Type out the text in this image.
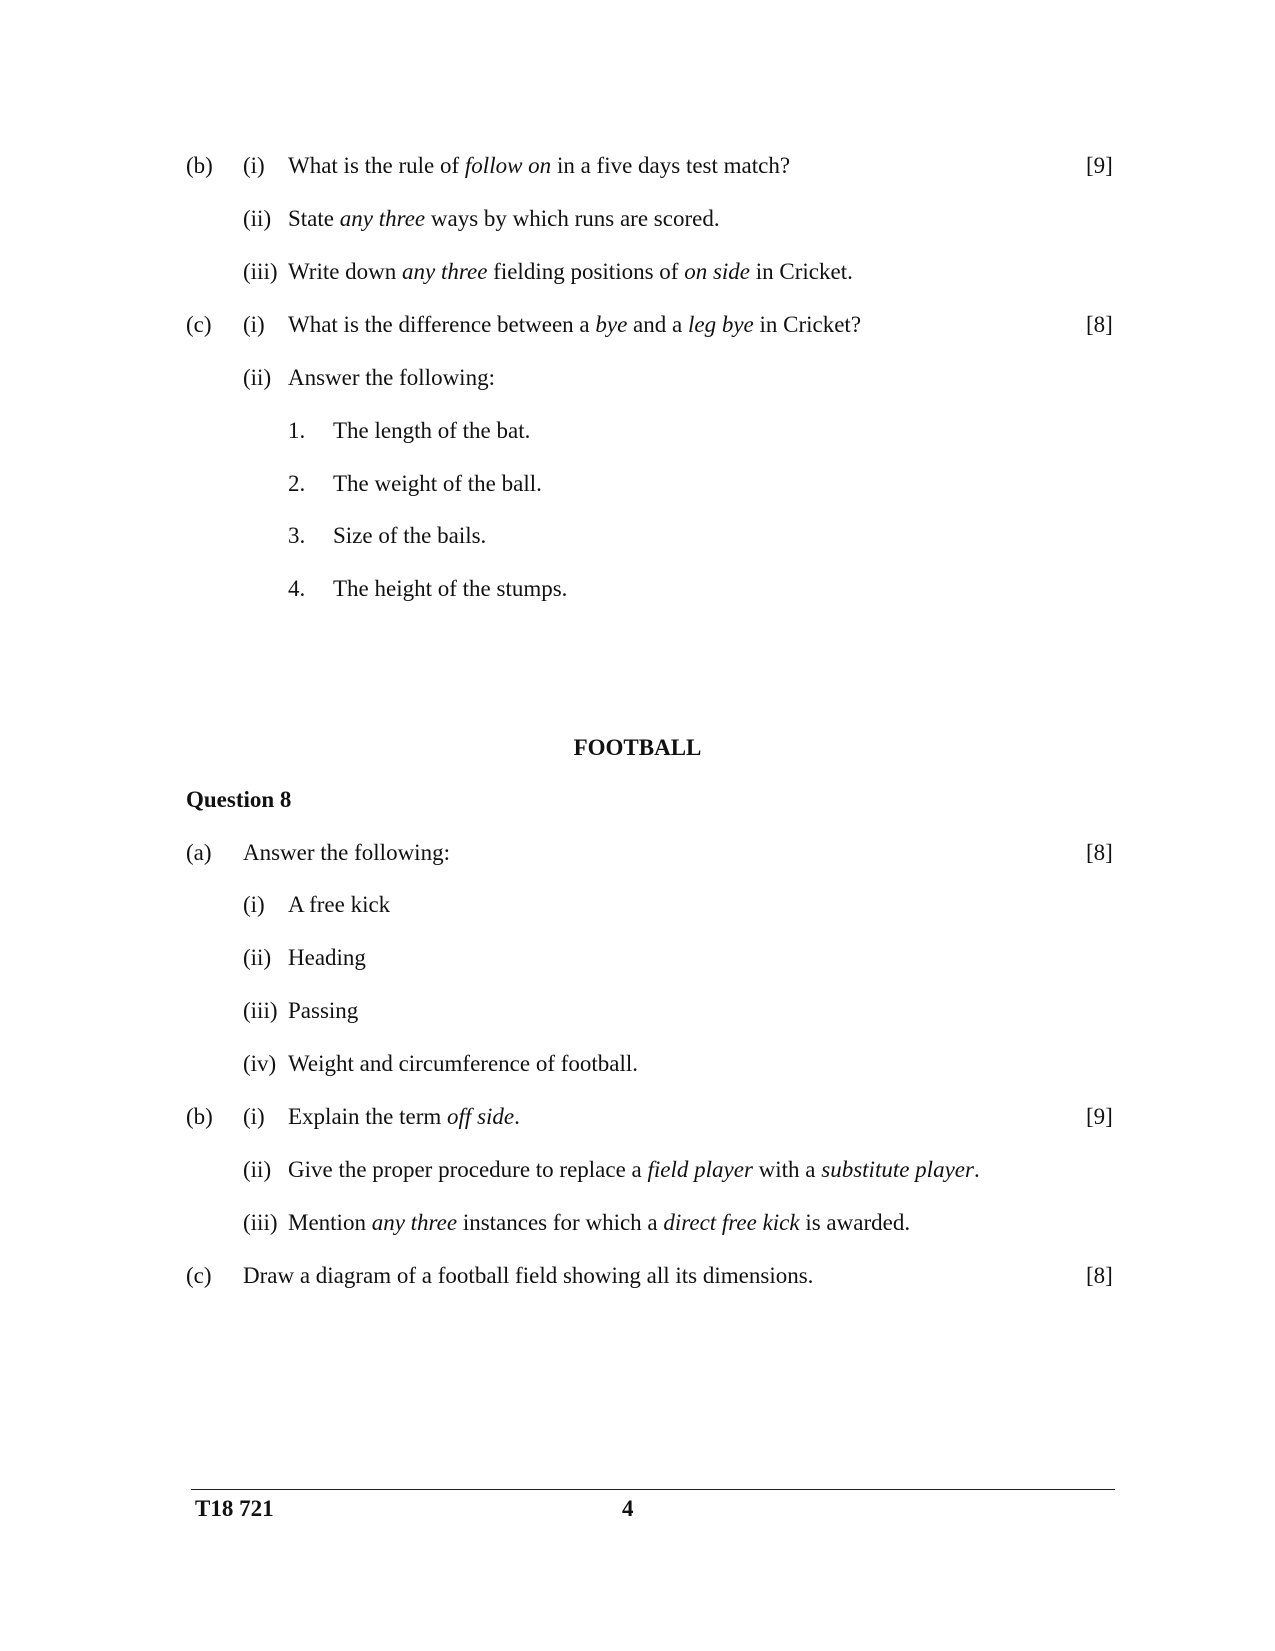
(b) (i) What is the rule of follow on in a five days test match?	[9]
(ii) State any three ways by which runs are scored.
(iii) Write down any three fielding positions of on side in Cricket.
(c) (i) What is the difference between a bye and a leg bye in Cricket?	[8]
(ii) Answer the following:
1. The length of the bat.
2. The weight of the ball.
3. Size of the bails.
4. The height of the stumps.
FOOTBALL
Question 8
(a) Answer the following:	[8]
(i) A free kick
(ii) Heading
(iii) Passing
(iv) Weight and circumference of football.
(b) (i) Explain the term off side.	[9]
(ii) Give the proper procedure to replace a field player with a substitute player.
(iii) Mention any three instances for which a direct free kick is awarded.
(c) Draw a diagram of a football field showing all its dimensions.	[8]
T18 721	4
